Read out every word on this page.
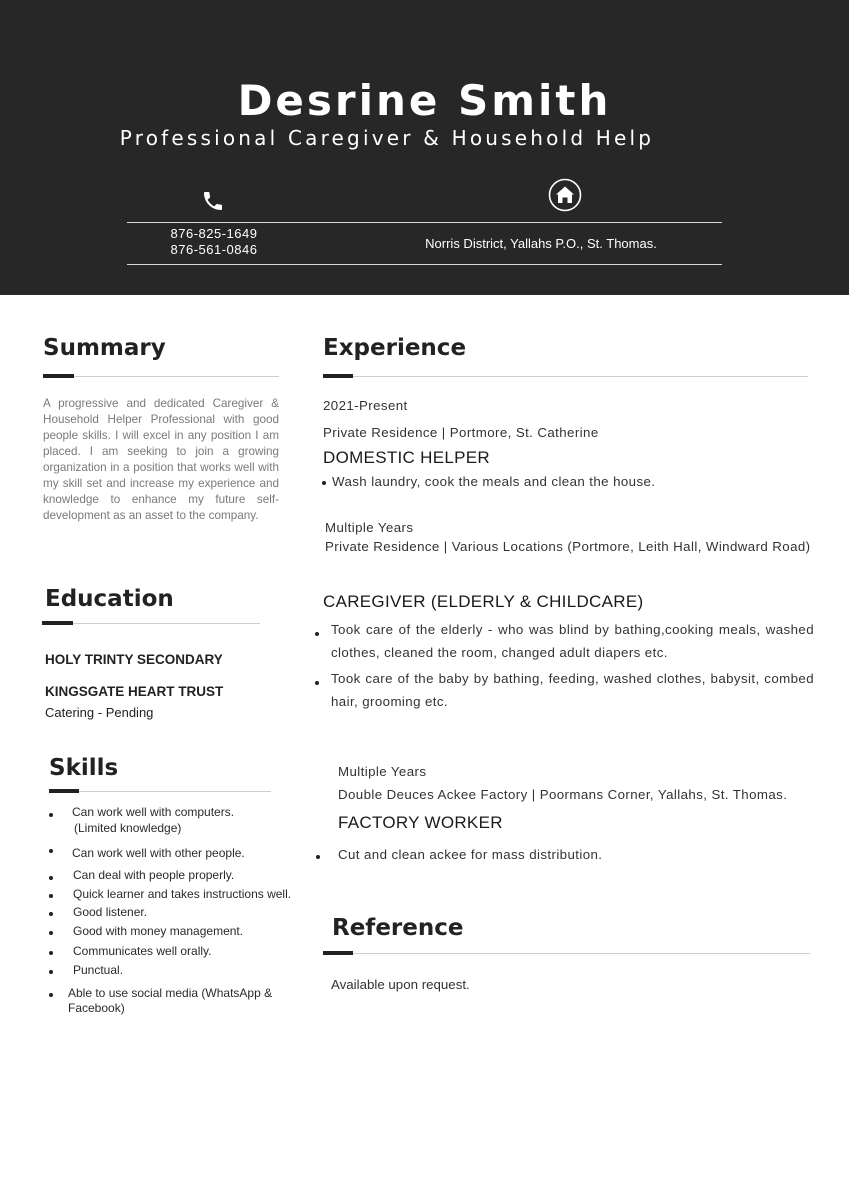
Desrine Smith
Professional Caregiver & Household Help
876-825-1649
876-561-0846	Norris District, Yallahs P.O., St. Thomas.
Summary
A progressive and dedicated Caregiver & Household Helper Professional with good people skills. I will excel in any position I am placed. I am seeking to join a growing organization in a position that works well with my skill set and increase my experience and knowledge to enhance my future self-development as an asset to the company.
Education
HOLY TRINTY SECONDARY
KINGSGATE HEART TRUST
Catering - Pending
Skills
Can work well with computers.
(Limited knowledge)
Can work well with other people.
Can deal with people properly.
Quick learner and takes instructions well.
Good listener.
Good with money management.
Communicates well orally.
Punctual.
Able to use social media (WhatsApp &
Facebook)
Experience
2021-Present
Private Residence | Portmore, St. Catherine
DOMESTIC HELPER
Wash laundry, cook the meals and clean the house.
Multiple Years
Private Residence | Various Locations (Portmore, Leith Hall, Windward Road)
CAREGIVER (ELDERLY & CHILDCARE)
Took care of the elderly - who was blind by bathing,cooking meals, washed clothes, cleaned the room, changed adult diapers etc.
Took care of the baby by bathing, feeding, washed clothes, babysit, combed hair, grooming etc.
Multiple Years
Double Deuces Ackee Factory | Poormans Corner, Yallahs, St. Thomas.
FACTORY WORKER
Cut and clean ackee for mass distribution.
Reference
Available upon request.
